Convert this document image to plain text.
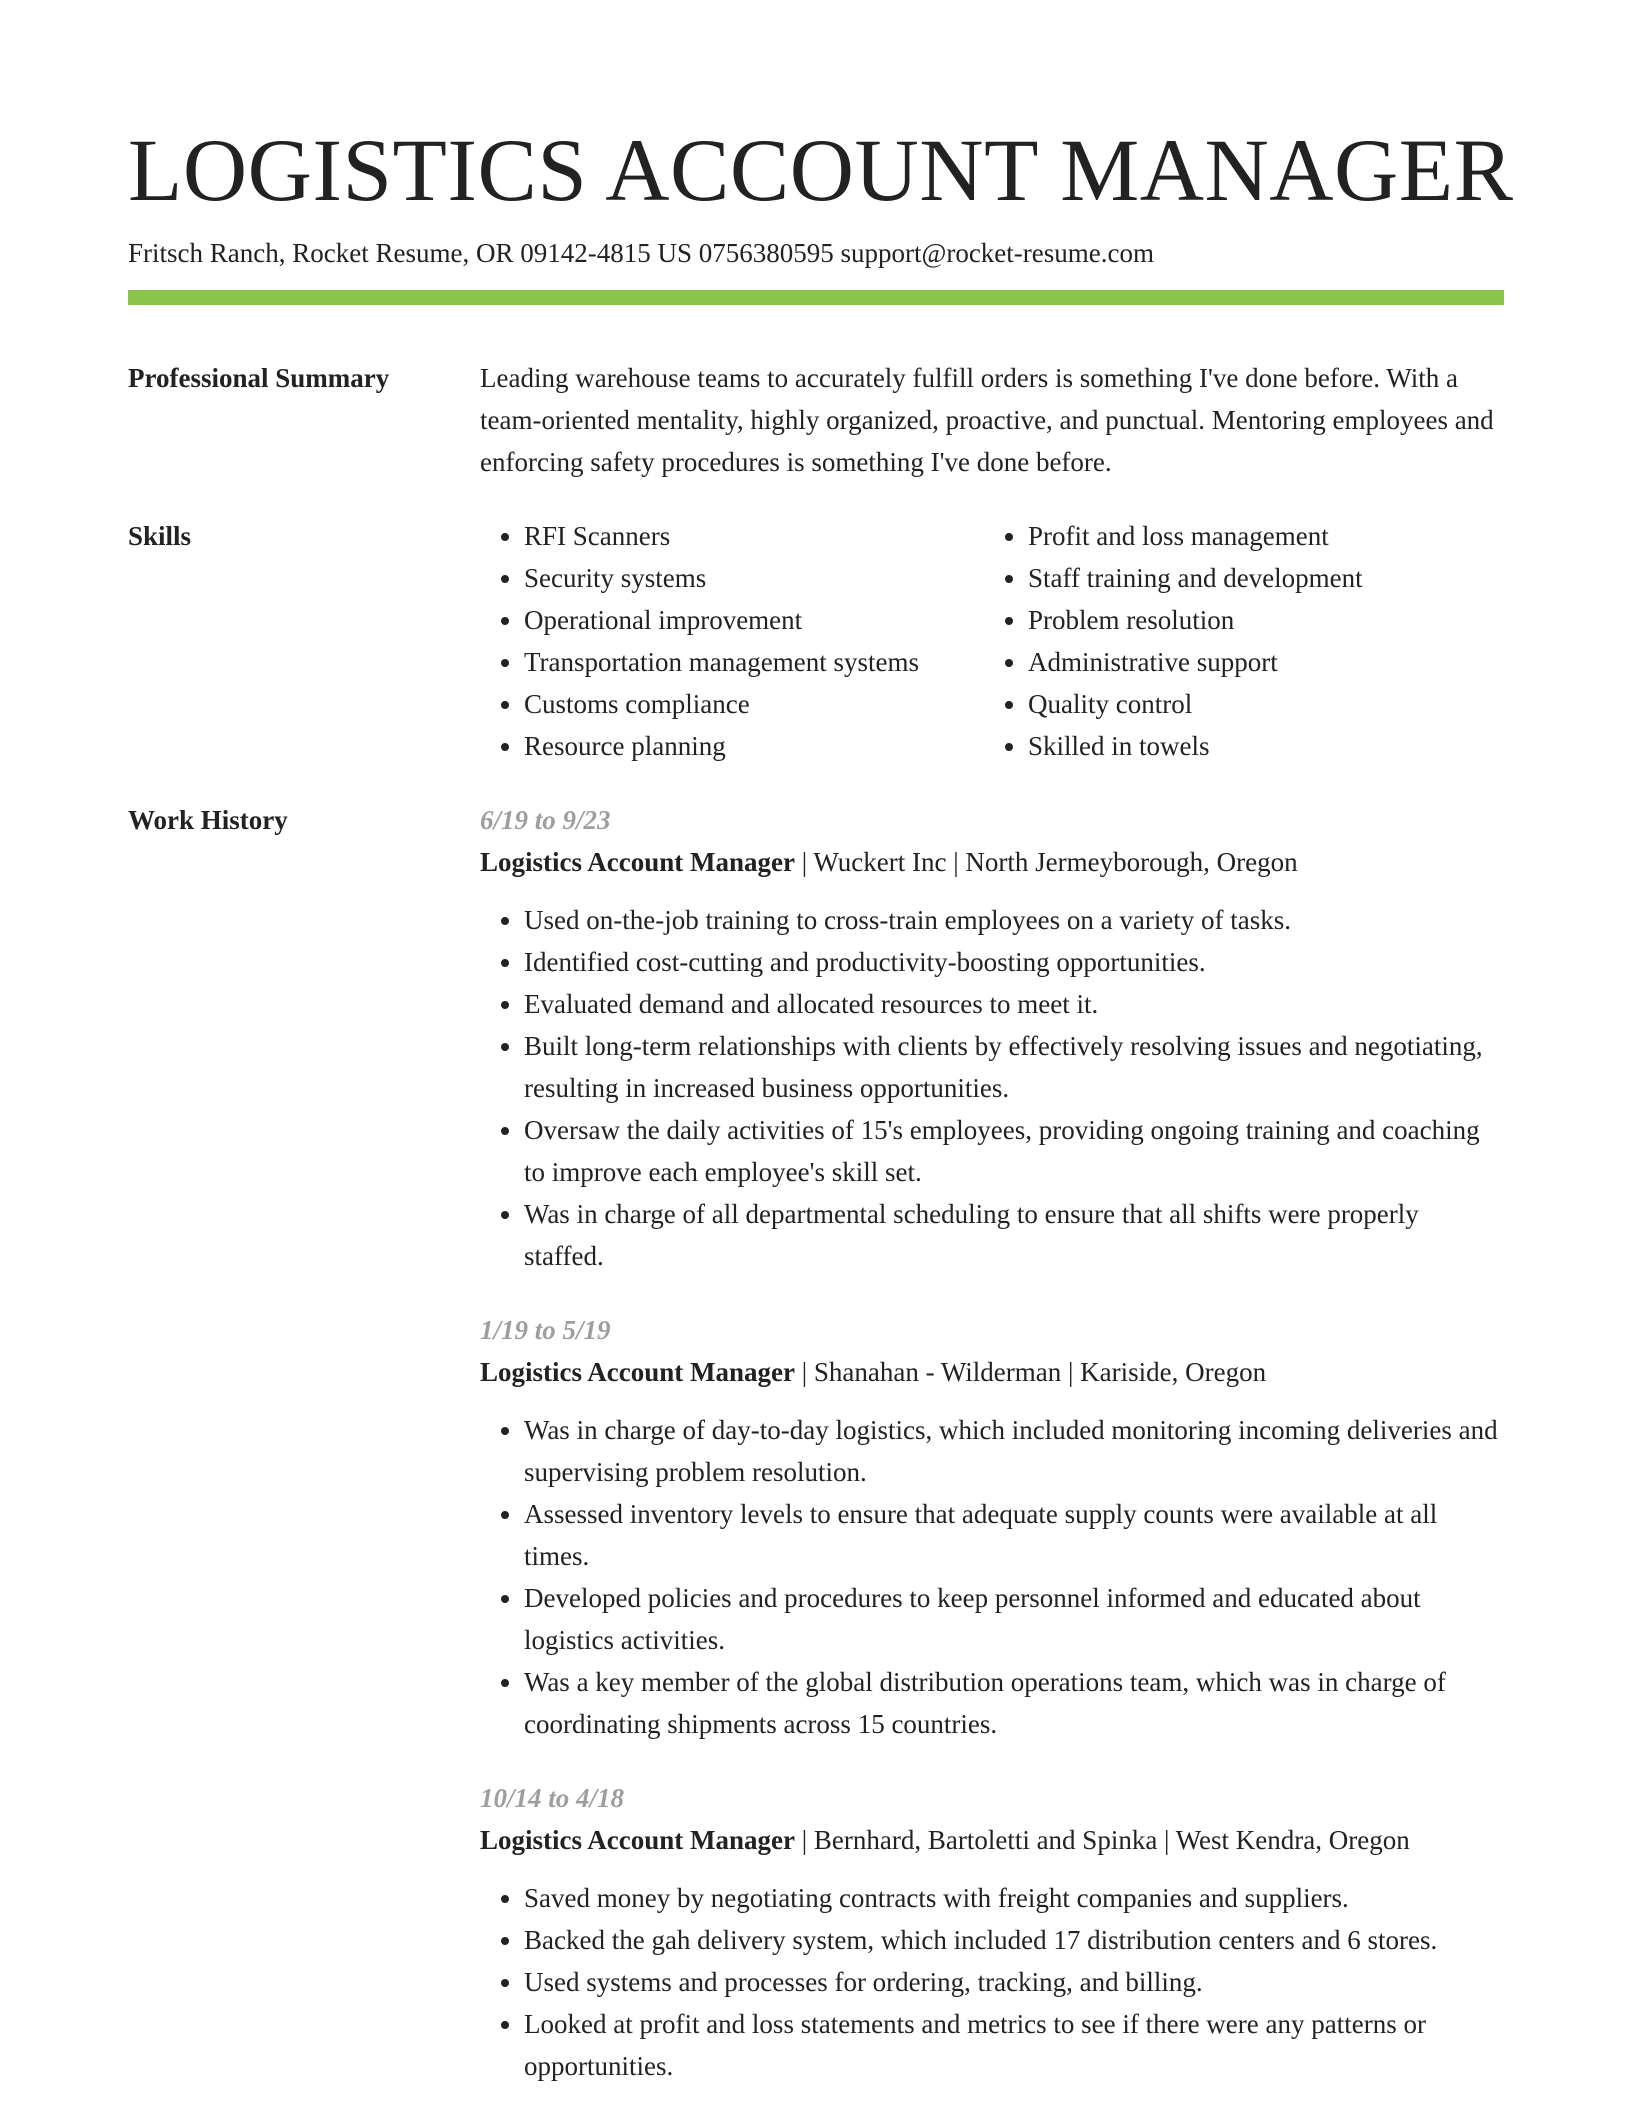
LOGISTICS ACCOUNT MANAGER
Fritsch Ranch, Rocket Resume, OR 09142-4815 US 0756380595 support@rocket-resume.com
Professional Summary	Leading warehouse teams to accurately fulfill orders is something I've done before. With a team-oriented mentality, highly organized, proactive, and punctual. Mentoring employees and enforcing safety procedures is something I've done before.

Skills
•	RFI Scanners
• Security systems
• Operational improvement
• Transportation management systems
• Customs compliance
• Resource planning
• Profit and loss management
• Staff training and development
• Problem resolution
• Administrative support
• Quality control
• Skilled in towels
Work History	6/19 to 9/23
Logistics Account Manager | Wuckert Inc | North Jermeyborough, Oregon
• Used on-the-job training to cross-train employees on a variety of tasks.
• Identified cost-cutting and productivity-boosting opportunities.
• Evaluated demand and allocated resources to meet it.
• Built long-term relationships with clients by effectively resolving issues and negotiating, resulting in increased business opportunities.
• Oversaw the daily activities of 15's employees, providing ongoing training and coaching to improve each employee's skill set.
• Was in charge of all departmental scheduling to ensure that all shifts were properly staffed.
1/19 to 5/19
Logistics Account Manager | Shanahan - Wilderman | Kariside, Oregon
• Was in charge of day-to-day logistics, which included monitoring incoming deliveries and supervising problem resolution.
• Assessed inventory levels to ensure that adequate supply counts were available at all times.
• Developed policies and procedures to keep personnel informed and educated about logistics activities.
• Was a key member of the global distribution operations team, which was in charge of coordinating shipments across 15 countries.
10/14 to 4/18
Logistics Account Manager | Bernhard, Bartoletti and Spinka | West Kendra, Oregon
• Saved money by negotiating contracts with freight companies and suppliers.
• Backed the gah delivery system, which included 17 distribution centers and 6 stores.
• Used systems and processes for ordering, tracking, and billing.
• Looked at profit and loss statements and metrics to see if there were any patterns or opportunities.
